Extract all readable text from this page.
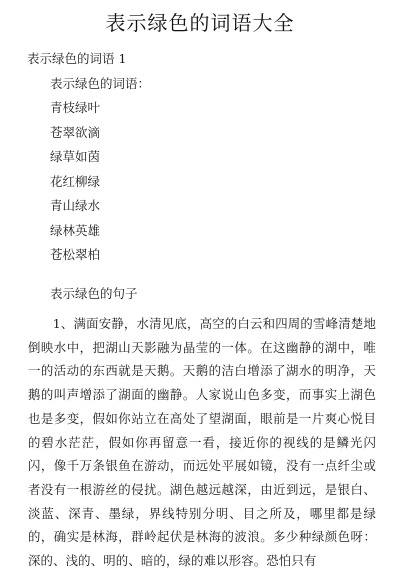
表示绿色的词语大全
表示绿色的词语 1
表示绿色的词语：
青枝绿叶
苍翠欲滴
绿草如茵
花红柳绿
青山绿水
绿林英雄
苍松翠柏
表示绿色的句子

1、满面安静，水清见底，高空的白云和四周的雪峰清楚地倒映水中，把湖山天影融为晶莹的一体。在这幽静的湖中，唯一的活动的东西就是天鹅。天鹅的洁白增添了湖水的明净，天鹅的叫声增添了湖面的幽静。人家说山色多变，而事实上湖色也是多变，假如你站立在高处了望湖面，眼前是一片爽心悦目的碧水茫茫，假如你再留意一看，接近你的视线的是鳞光闪闪，像千万条银鱼在游动，而远处平展如镜，没有一点纤尘或者没有一根游丝的侵扰。湖色越远越深，由近到远，是银白、淡蓝、深青、墨绿，界线特别分明、目之所及，哪里都是绿的，确实是林海，群岭起伏是林海的波浪。多少种绿颜色呀：深的、浅的、明的、暗的，绿的难以形容。恐怕只有
